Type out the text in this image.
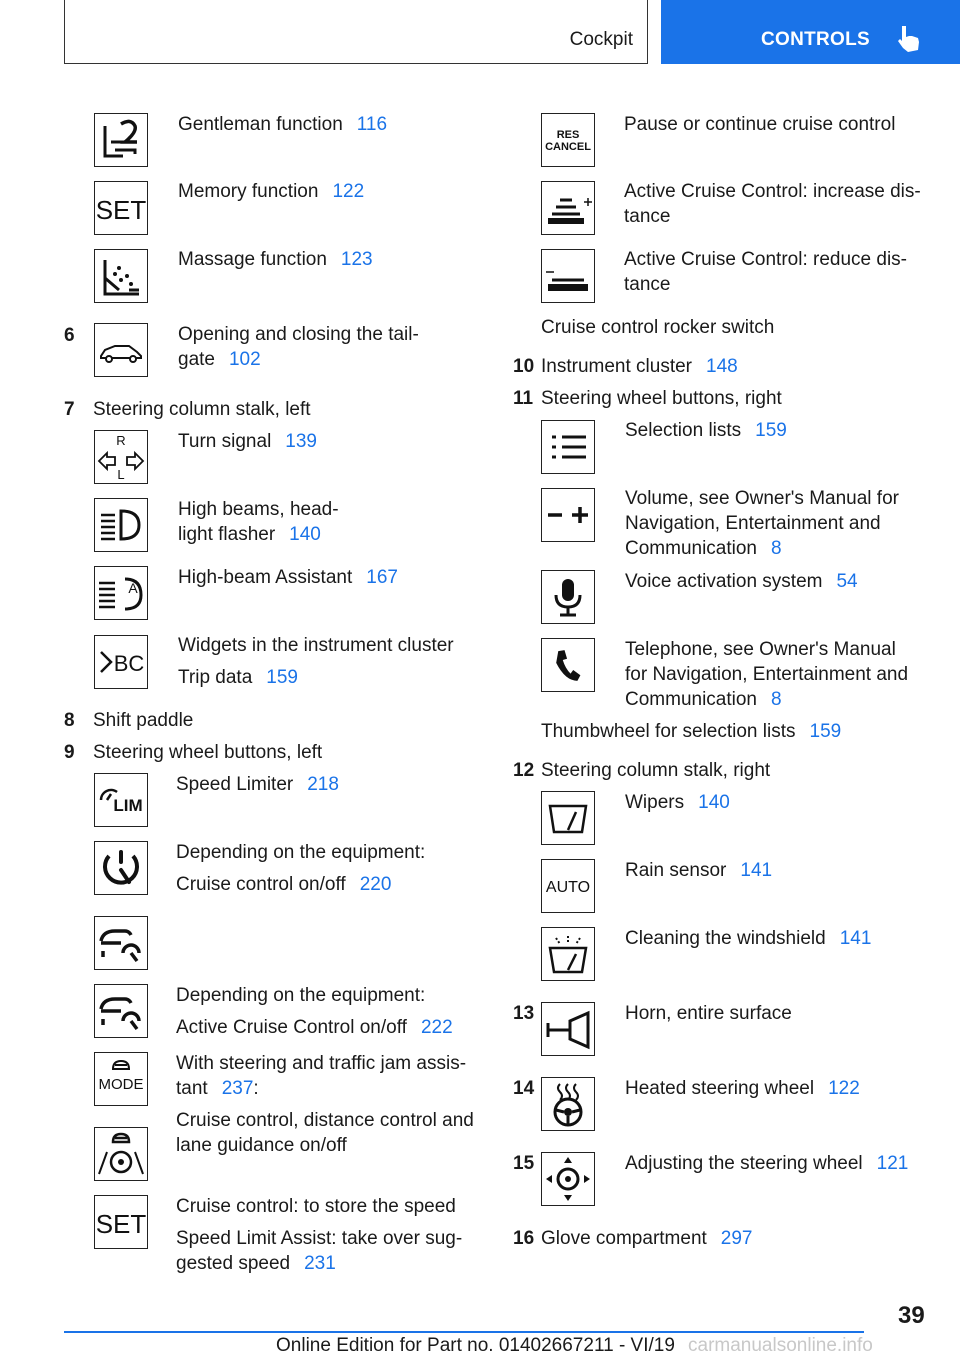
Cockpit	CONTROLS
Gentleman function 116
SET
Memory function 122
Massage function 123
6	Opening and closing the tail-
gate 102
7 Steering column stalk, left
R
L
Turn signal 139
High beams, head-
light flasher 140
A High-beam Assistant 167
BC
Widgets in the instrument cluster
Trip data 159
8 Shift paddle
9 Steering wheel buttons, left
LIM
Speed Limiter 218
Depending on the equipment:
Cruise control on/off 220
Depending on the equipment:
Active Cruise Control on/off 222
MODE
With steering and traffic jam assis-
tant 237:
Cruise control, distance control and
lane guidance on/off
SET
Cruise control: to store the speed
Speed Limit Assist: take over sug-
gested speed 231
RES
CANCEL
Pause or continue cruise control
Active Cruise Control: increase dis-
tance
Active Cruise Control: reduce dis-
tance
Cruise control rocker switch
10 Instrument cluster 148
11 Steering wheel buttons, right
Selection lists 159
Volume, see Owner's Manual for
Navigation, Entertainment and
Communication 8
Voice activation system 54
Telephone, see Owner's Manual
for Navigation, Entertainment and
Communication 8
Thumbwheel for selection lists 159
12 Steering column stalk, right
Wipers 140
AUTO
Rain sensor 141
Cleaning the windshield 141
13	Horn, entire surface
14	Heated steering wheel 122
15	Adjusting the steering wheel 121
16 Glove compartment 297
39
Online Edition for Part no. 01402667211 - VI/19 carmanualsonline.info
